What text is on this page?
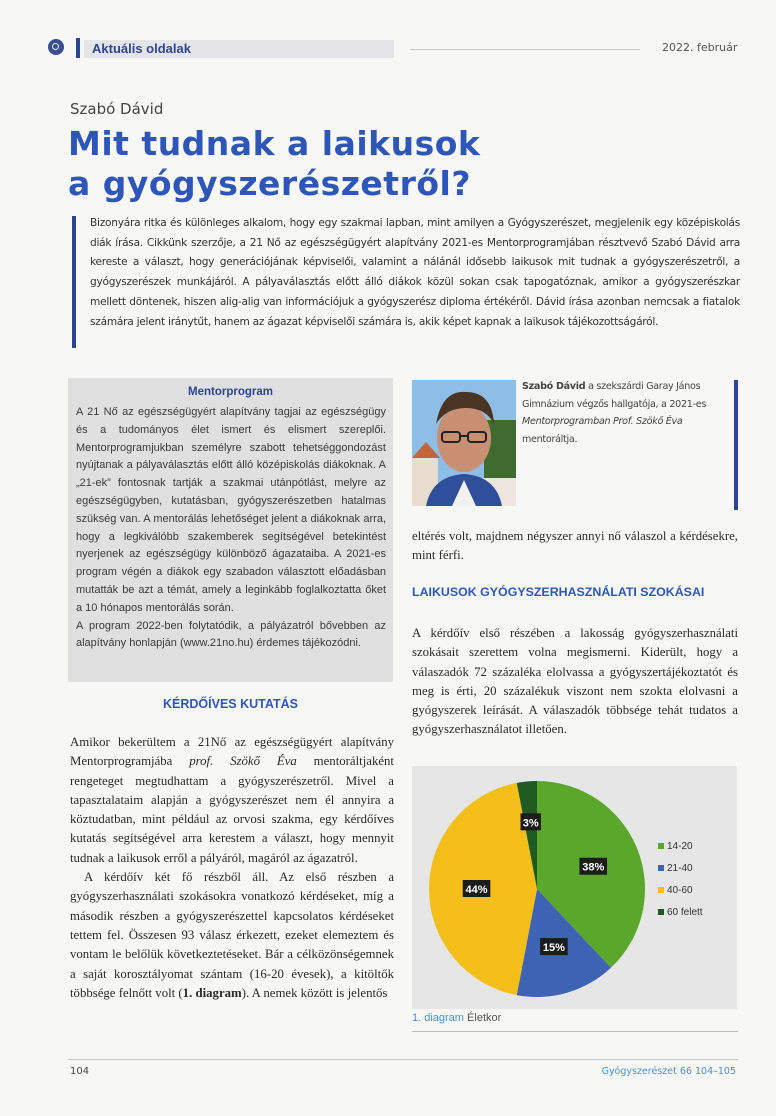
Aktuális oldalak	2022. február
Szabó Dávid
Mit tudnak a laikusok
a gyógyszerészetről?
Bizonyára ritka és különleges alkalom, hogy egy szakmai lapban, mint amilyen a Gyógyszerészet, megjelenik egy középiskolás diák írása. Cikkünk szerzője, a 21 Nő az egészségügyért alapítvány 2021-es Mentorprogramjában résztvevő Szabó Dávid arra kereste a választ, hogy generációjának képviselői, valamint a nálánál idősebb laikusok mit tudnak a gyógyszerészetről, a gyógyszerészek munkájáról. A pályaválasztás előtt álló diákok közül sokan csak tapogatóznak, amikor a gyógyszerészkar mellett döntenek, hiszen alig-alig van információjuk a gyógyszerész diploma értékéről. Dávid írása azonban nemcsak a fiatalok számára jelent iránytűt, hanem az ágazat képviselői számára is, akik képet kapnak a laikusok tájékozottságáról.
Mentorprogram

A 21 Nő az egészségügyért alapítvány tagjai az egészségügy és a tudományos élet ismert és elismert szereplői. Mentorprogramjukban személyre szabott tehetséggondozást nyújtanak a pályaválasztás előtt álló középiskolás diákoknak. A „21-ek” fontosnak tartják a szakmai utánpótlást, melyre az egészségügyben, kutatásban, gyógyszerészetben hatalmas szükség van. A mentorálás lehetőséget jelent a diákoknak arra, hogy a legkiválóbb szakemberek segítségével betekintést nyerjenek az egészségügy különböző ágazataiba. A 2021-es program végén a diákok egy szabadon választott előadásban mutatták be azt a témát, amely a leginkább foglalkoztatta őket a 10 hónapos mentorálás során.

A program 2022-ben folytatódik, a pályázatról bővebben az alapítvány honlapján (www.21no.hu) érdemes tájékozódni.

KÉRDŐÍVES KUTATÁS

Amikor bekerültem a 21Nő az egészségügyért alapítvány Mentorprogramjába prof. Szökő Éva mentoráltjaként rengeteget megtudhattam a gyógyszerészetről. Mivel a tapasztalataim alapján a gyógyszerészet nem él annyira a köztudatban, mint például az orvosi szakma, egy kérdőíves kutatás segítségével arra kerestem a választ, hogy mennyit tudnak a laikusok erről a pályáról, magáról az ágazatról.

A kérdőív két fő részből áll. Az első részben a gyógyszerhasználati szokásokra vonatkozó kérdéseket, míg a második részben a gyógyszerészettel kapcsolatos kérdéseket tettem fel. Összesen 93 válasz érkezett, ezeket elemeztem és vontam le belőlük következtetéseket. Bár a célközönségemnek a saját korosztályomat szántam (16-20 évesek), a kitöltők többsége felnőtt volt (1. diagram). A nemek között is jelentős

Szabó Dávid a szekszárdi Garay János Gimnázium végzős hallgatója, a 2021-es Mentorprogramban Prof. Szökő Éva mentoráltja.
eltérés volt, majdnem négyszer annyi nő válaszol a kérdésekre, mint férfi.
LAIKUSOK GYÓGYSZERHASZNÁLATI SZOKÁSAI
A kérdőív első részében a lakosság gyógyszerhasználati szokásait szerettem volna megismerni. Kiderült, hogy a válaszadók 72 százaléka elolvassa a gyógyszertájékoztatót és meg is érti, 20 százalékuk viszont nem szokta elolvasni a gyógyszerek leírását. A válaszadók többsége tehát tudatos a gyógyszerhasználatot illetően.
38%
15%
44%
3%
14-20
21-40
40-60
60 felett
1. diagram Életkor
104	Gyógyszerészet 66 104–105
